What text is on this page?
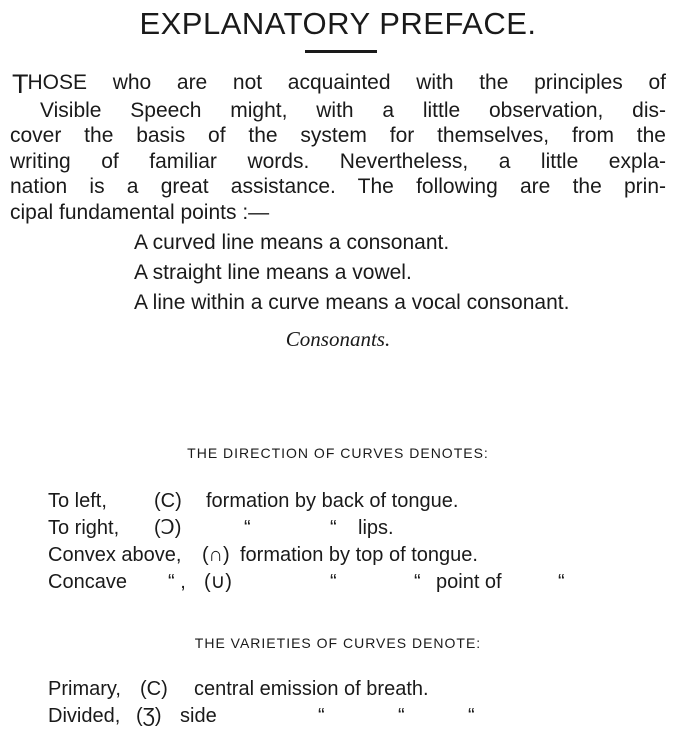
EXPLANATORY PREFACE.
THOSE who are not acquainted with the principles of
Visible Speech might, with a little observation, dis-
cover the basis of the system for themselves, from the
writing of familiar words. Nevertheless, a little expla-
nation is a great assistance. The following are the prin-
cipal fundamental points :—
A curved line means a consonant.
A straight line means a vowel.
A line within a curve means a vocal consonant.
Consonants.
THE DIRECTION OF CURVES DENOTES:
To left, (C) formation by back of tongue.
To right, (Ↄ)	“	“ lips.
Convex above, (∩) formation by top of tongue.
Concave “ , (∪)	“	“ point of	“
THE VARIETIES OF CURVES DENOTE:
Primary, (C) central emission of breath.
Divided, (Ʒ) side	“	“	“
